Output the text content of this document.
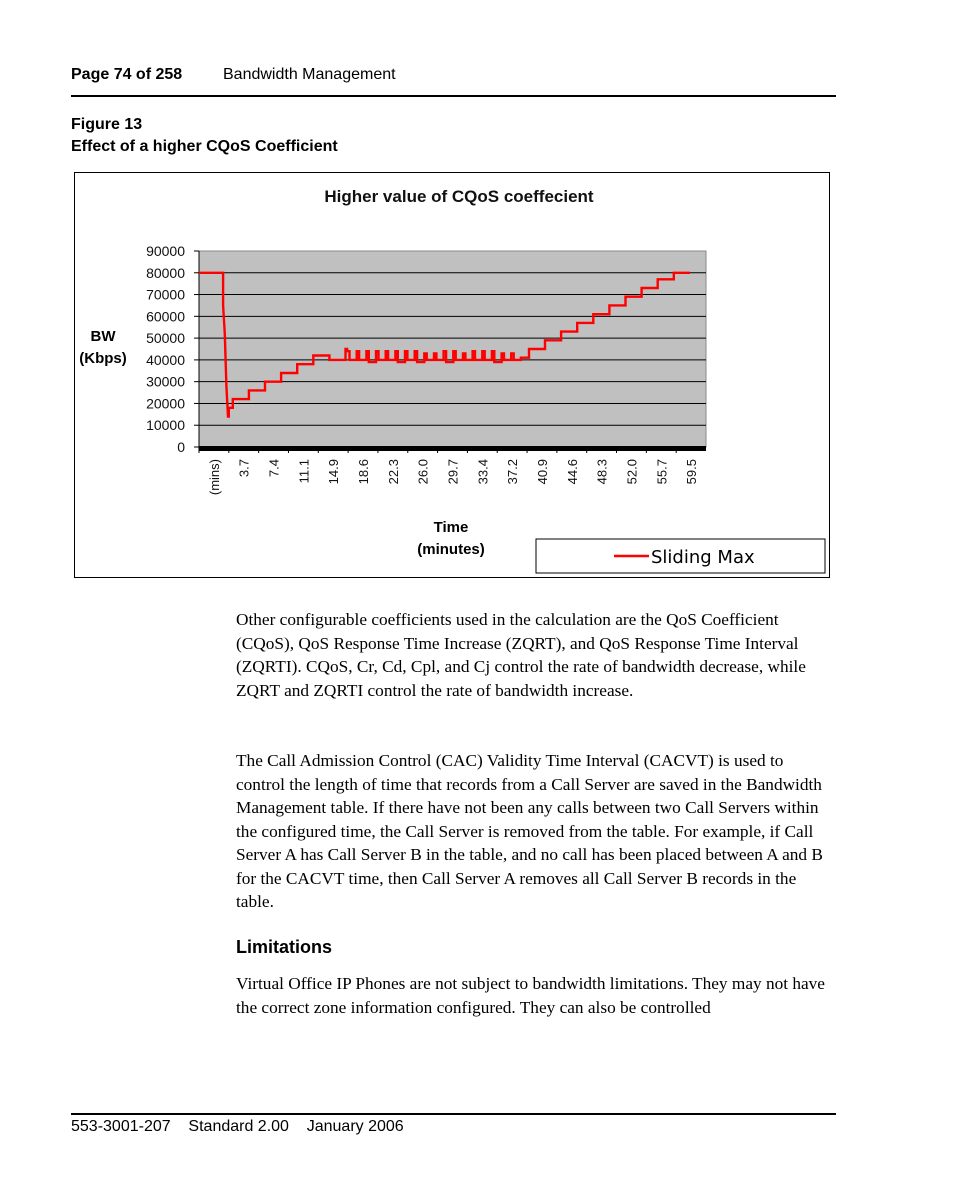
Page 74 of 258	Bandwidth Management
Figure 13
Effect of a higher CQoS Coefficient
Higher value of CQoS coeffecient
0
10000
20000
30000
40000
50000
60000
70000
80000
90000
(mins) 3.7 7.4 11.1 14.9 18.6 22.3 26.0 29.7 33.4 37.2 40.9 44.6 48.3 52.0 55.7 59.5
BW
(Kbps)
Time
(minutes)	Sliding Max
Other configurable coefficients used in the calculation are the QoS Coefficient (CQoS), QoS Response Time Increase (ZQRT), and QoS Response Time Interval (ZQRTI). CQoS, Cr, Cd, Cpl, and Cj control the rate of bandwidth decrease, while ZQRT and ZQRTI control the rate of bandwidth increase.
The Call Admission Control (CAC) Validity Time Interval (CACVT) is used to control the length of time that records from a Call Server are saved in the Bandwidth Management table. If there have not been any calls between two Call Servers within the configured time, the Call Server is removed from the table. For example, if Call Server A has Call Server B in the table, and no call has been placed between A and B for the CACVT time, then Call Server A removes all Call Server B records in the table.
Limitations
Virtual Office IP Phones are not subject to bandwidth limitations. They may not have the correct zone information configured. They can also be controlled
553-3001-207    Standard 2.00    January 2006
